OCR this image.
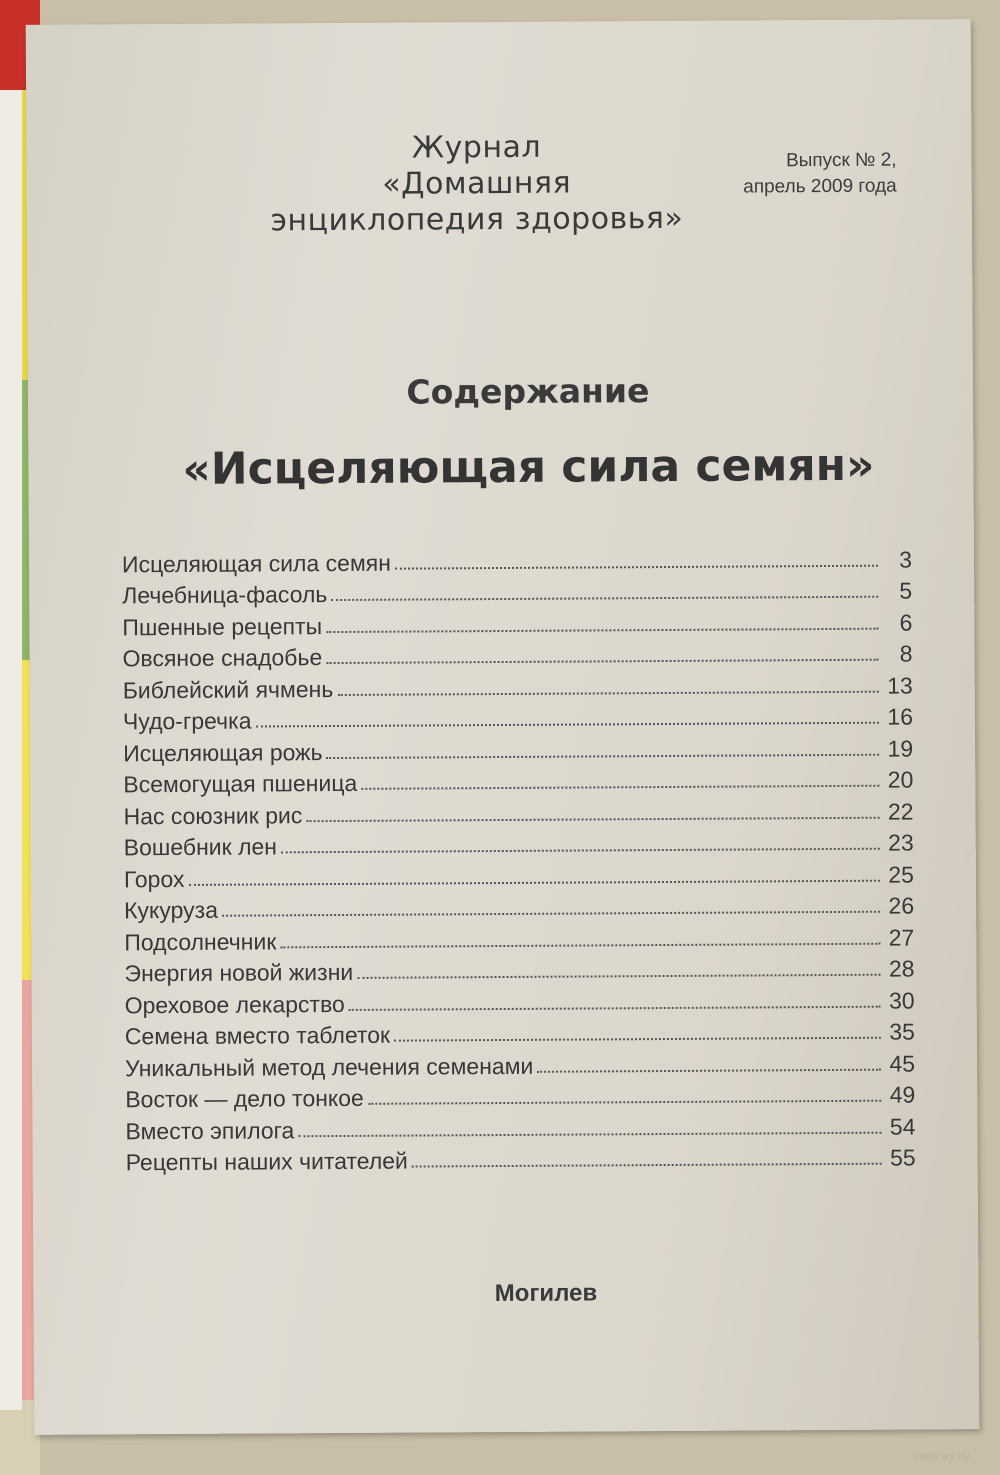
Журнал
«Домашняя
энциклопедия здоровья»
Выпуск № 2,
апрель 2009 года
Содержание
«Исцеляющая сила семян»
Исцеляющая сила семян	3
Лечебница-фасоль	5
Пшенные рецепты	6
Овсяное снадобье	8
Библейский ячмень	13
Чудо-гречка	16
Исцеляющая рожь	19
Всемогущая пшеница	20
Нас союзник рис	22
Вошебник лен	23
Горох	25
Кукуруза	26
Подсолнечник	27
Энергия новой жизни	28
Ореховое лекарство	30
Семена вместо таблеток	35
Уникальный метод лечения семенами	45
Восток — дело тонкое	49
Вместо эпилога	54
Рецепты наших читателей	55
Могилев
www.ay.by
